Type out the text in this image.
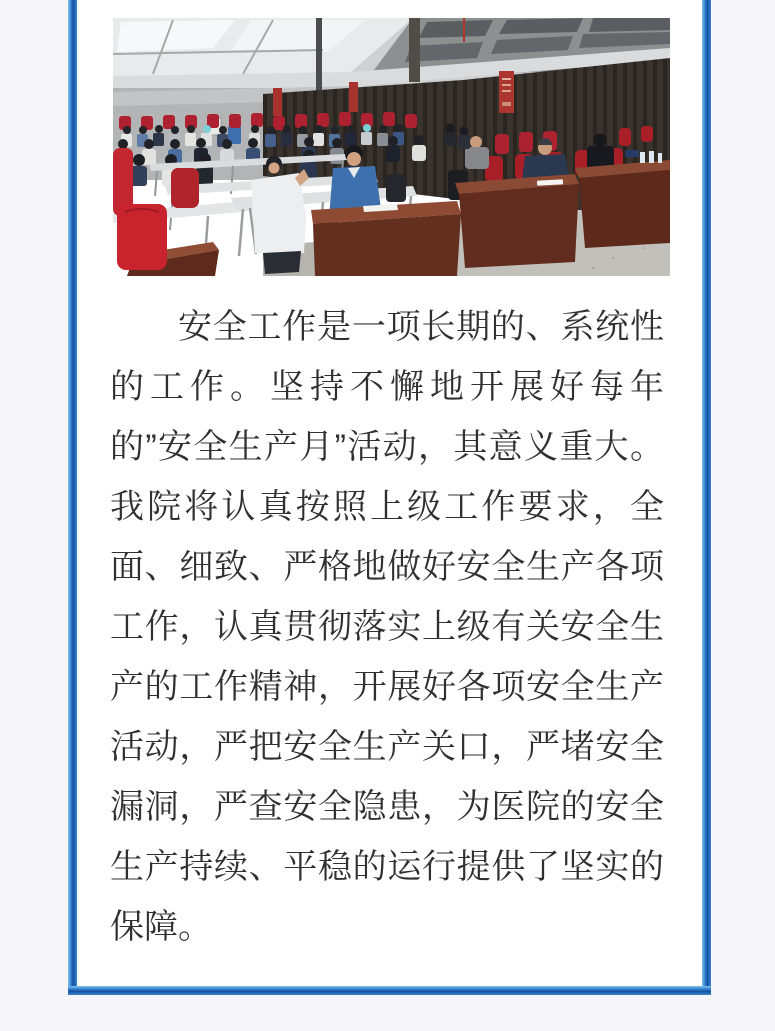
安全工作是一项长期的、系统性的工作。坚持不懈地开展好每年的”安全生产月”活动，其意义重大。我院将认真按照上级工作要求，全面、细致、严格地做好安全生产各项工作，认真贯彻落实上级有关安全生产的工作精神，开展好各项安全生产活动，严把安全生产关口，严堵安全漏洞，严查安全隐患，为医院的安全生产持续、平稳的运行提供了坚实的保障。
